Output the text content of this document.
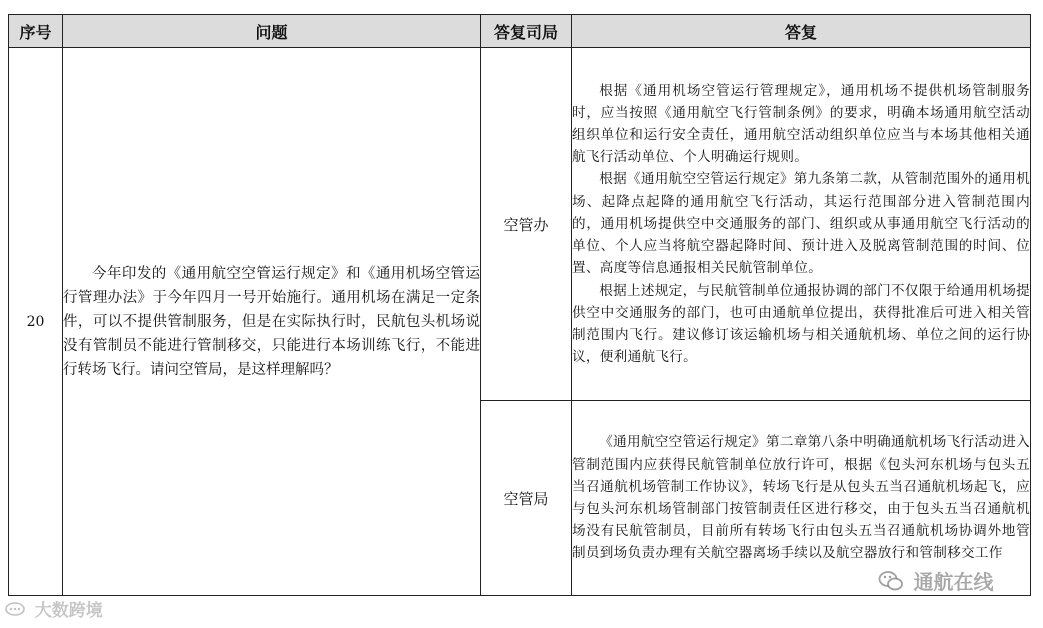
序号	问题	答复司局	答复
20	今年印发的《通用航空空管运行规定》和《通用机场空管运行管理办法》于今年四月一号开始施行。通用机场在满足一定条件，可以不提供管制服务，但是在实际执行时，民航包头机场说没有管制员不能进行管制移交，只能进行本场训练飞行，不能进行转场飞行。请问空管局，是这样理解吗？	空管办	根据《通用机场空管运行管理规定》，通用机场不提供机场管制服务时，应当按照《通用航空飞行管制条例》的要求，明确本场通用航空活动组织单位和运行安全责任，通用航空活动组织单位应当与本场其他相关通航飞行活动单位、个人明确运行规则。

根据《通用航空空管运行规定》第九条第二款，从管制范围外的通用机场、起降点起降的通用航空飞行活动，其运行范围部分进入管制范围内的，通用机场提供空中交通服务的部门、组织或从事通用航空飞行活动的单位、个人应当将航空器起降时间、预计进入及脱离管制范围的时间、位置、高度等信息通报相关民航管制单位。

根据上述规定，与民航管制单位通报协调的部门不仅限于给通用机场提供空中交通服务的部门，也可由通航单位提出，获得批准后可进入相关管制范围内飞行。建议修订该运输机场与相关通航机场、单位之间的运行协议，便利通航飞行。

		空管局	《通用航空空管运行规定》第二章第八条中明确通航机场飞行活动进入管制范围内应获得民航管制单位放行许可，根据《包头河东机场与包头五当召通航机场管制工作协议》，转场飞行是从包头五当召通航机场起飞，应与包头河东机场管制部门按管制责任区进行移交，由于包头五当召通航机场没有民航管制员，目前所有转场飞行由包头五当召通航机场协调外地管制员到场负责办理有关航空器离场手续以及航空器放行和管制移交工作

大数跨境
通航在线
